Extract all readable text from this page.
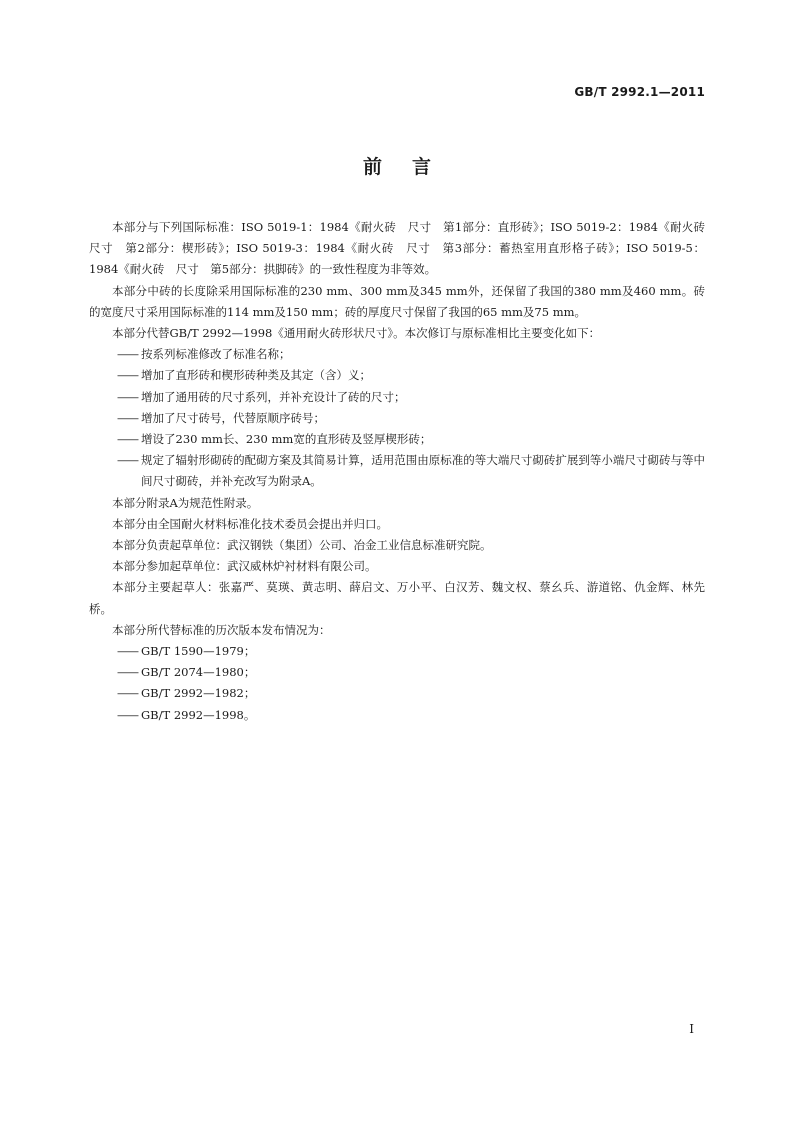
GB/T 2992.1—2011
前言

本部分与下列国际标准：ISO 5019-1：1984《耐火砖　尺寸　第1部分：直形砖》；ISO 5019-2：1984《耐火砖　尺寸　第2部分：楔形砖》；ISO 5019-3：1984《耐火砖　尺寸　第3部分：蓄热室用直形格子砖》；ISO 5019-5：1984《耐火砖　尺寸　第5部分：拱脚砖》的一致性程度为非等效。

本部分中砖的长度除采用国际标准的230 mm、300 mm及345 mm外，还保留了我国的380 mm及460 mm。砖的宽度尺寸采用国际标准的114 mm及150 mm；砖的厚度尺寸保留了我国的65 mm及75 mm。

本部分代替GB/T 2992—1998《通用耐火砖形状尺寸》。本次修订与原标准相比主要变化如下：

—— 按系列标准修改了标准名称；

—— 增加了直形砖和楔形砖种类及其定（含）义；

—— 增加了通用砖的尺寸系列，并补充设计了砖的尺寸；

—— 增加了尺寸砖号，代替原顺序砖号；

—— 增设了230 mm长、230 mm宽的直形砖及竖厚楔形砖；

—— 规定了辐射形砌砖的配砌方案及其简易计算，适用范围由原标准的等大端尺寸砌砖扩展到等小端尺寸砌砖与等中间尺寸砌砖，并补充改写为附录A。

本部分附录A为规范性附录。

本部分由全国耐火材料标准化技术委员会提出并归口。

本部分负责起草单位：武汉钢铁（集团）公司、冶金工业信息标准研究院。

本部分参加起草单位：武汉威林炉衬材料有限公司。

本部分主要起草人：张嘉严、莫瑛、黄志明、薛启文、万小平、白汉芳、魏文权、蔡幺兵、游道铭、仇金辉、林先桥。

本部分所代替标准的历次版本发布情况为：

—— GB/T 1590—1979；

—— GB/T 2074—1980；

—— GB/T 2992—1982；

—— GB/T 2992—1998。

I
